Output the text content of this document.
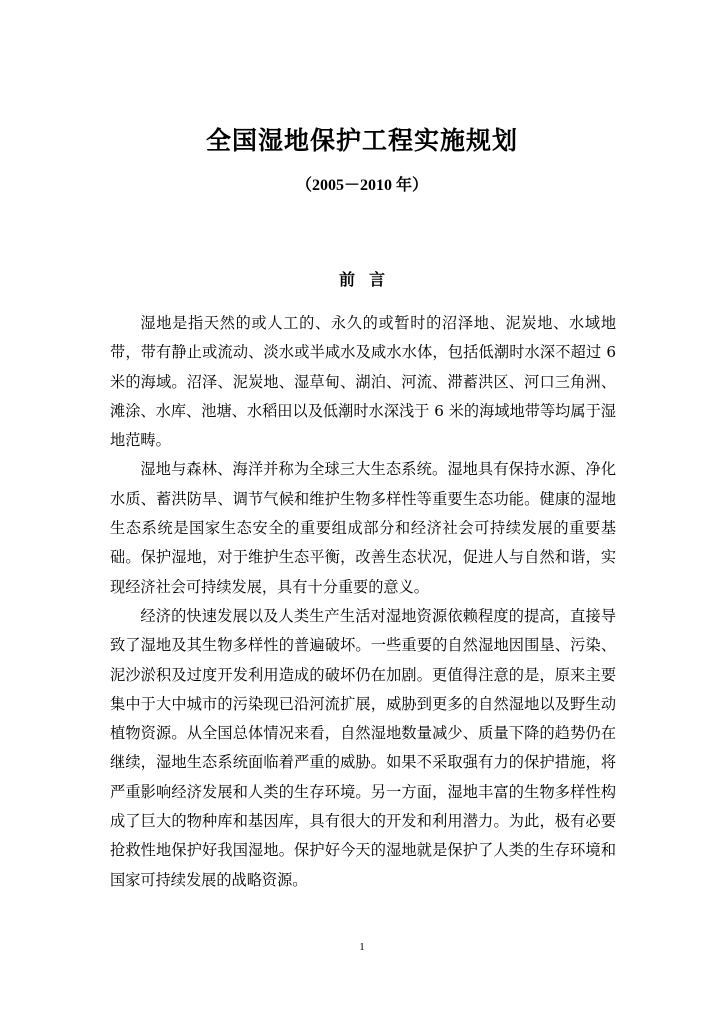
全国湿地保护工程实施规划
（2005－2010 年）
前言

湿地是指天然的或人工的、永久的或暂时的沼泽地、泥炭地、水域地带，带有静止或流动、淡水或半咸水及咸水水体，包括低潮时水深不超过 6 米的海域。沼泽、泥炭地、湿草甸、湖泊、河流、滞蓄洪区、河口三角洲、滩涂、水库、池塘、水稻田以及低潮时水深浅于 6 米的海域地带等均属于湿地范畴。

湿地与森林、海洋并称为全球三大生态系统。湿地具有保持水源、净化水质、蓄洪防旱、调节气候和维护生物多样性等重要生态功能。健康的湿地生态系统是国家生态安全的重要组成部分和经济社会可持续发展的重要基础。保护湿地，对于维护生态平衡，改善生态状况，促进人与自然和谐，实现经济社会可持续发展，具有十分重要的意义。

经济的快速发展以及人类生产生活对湿地资源依赖程度的提高，直接导致了湿地及其生物多样性的普遍破坏。一些重要的自然湿地因围垦、污染、泥沙淤积及过度开发利用造成的破坏仍在加剧。更值得注意的是，原来主要集中于大中城市的污染现已沿河流扩展，威胁到更多的自然湿地以及野生动植物资源。从全国总体情况来看，自然湿地数量减少、质量下降的趋势仍在继续，湿地生态系统面临着严重的威胁。如果不采取强有力的保护措施，将严重影响经济发展和人类的生存环境。另一方面，湿地丰富的生物多样性构成了巨大的物种库和基因库，具有很大的开发和利用潜力。为此，极有必要抢救性地保护好我国湿地。保护好今天的湿地就是保护了人类的生存环境和国家可持续发展的战略资源。

1
